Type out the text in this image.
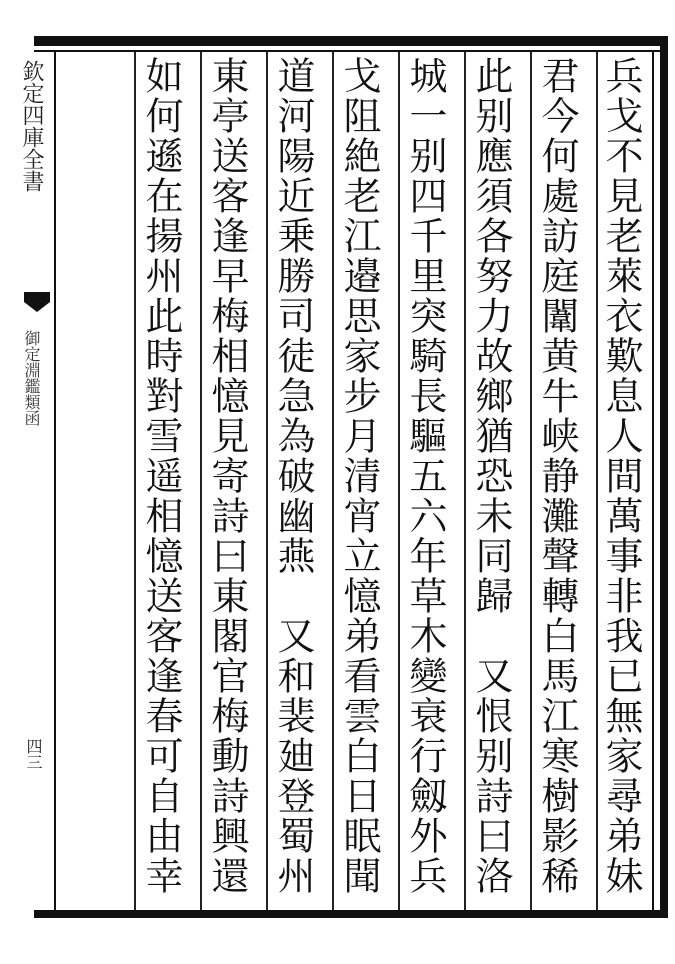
兵戈不見老萊衣歎息人間萬事非我已無家尋弟妹
君今何處訪庭闈黄牛峡静灘聲轉白馬江寒樹影稀
此别應須各努力故鄉猶恐未同歸　又恨别詩曰洛
城一别四千里突騎長驅五六年草木變衰行劔外兵
戈阻絶老江邉思家步月清宵立憶弟看雲白日眠聞
道河陽近乗勝司徒急為破幽燕　又和裴廸登蜀州
東亭送客逢早梅相憶見寄詩曰東閣官梅動詩興還
如何遜在揚州此時對雪遥相憶送客逢春可自由幸
欽定四庫全書
御定淵鑑類函
四三
